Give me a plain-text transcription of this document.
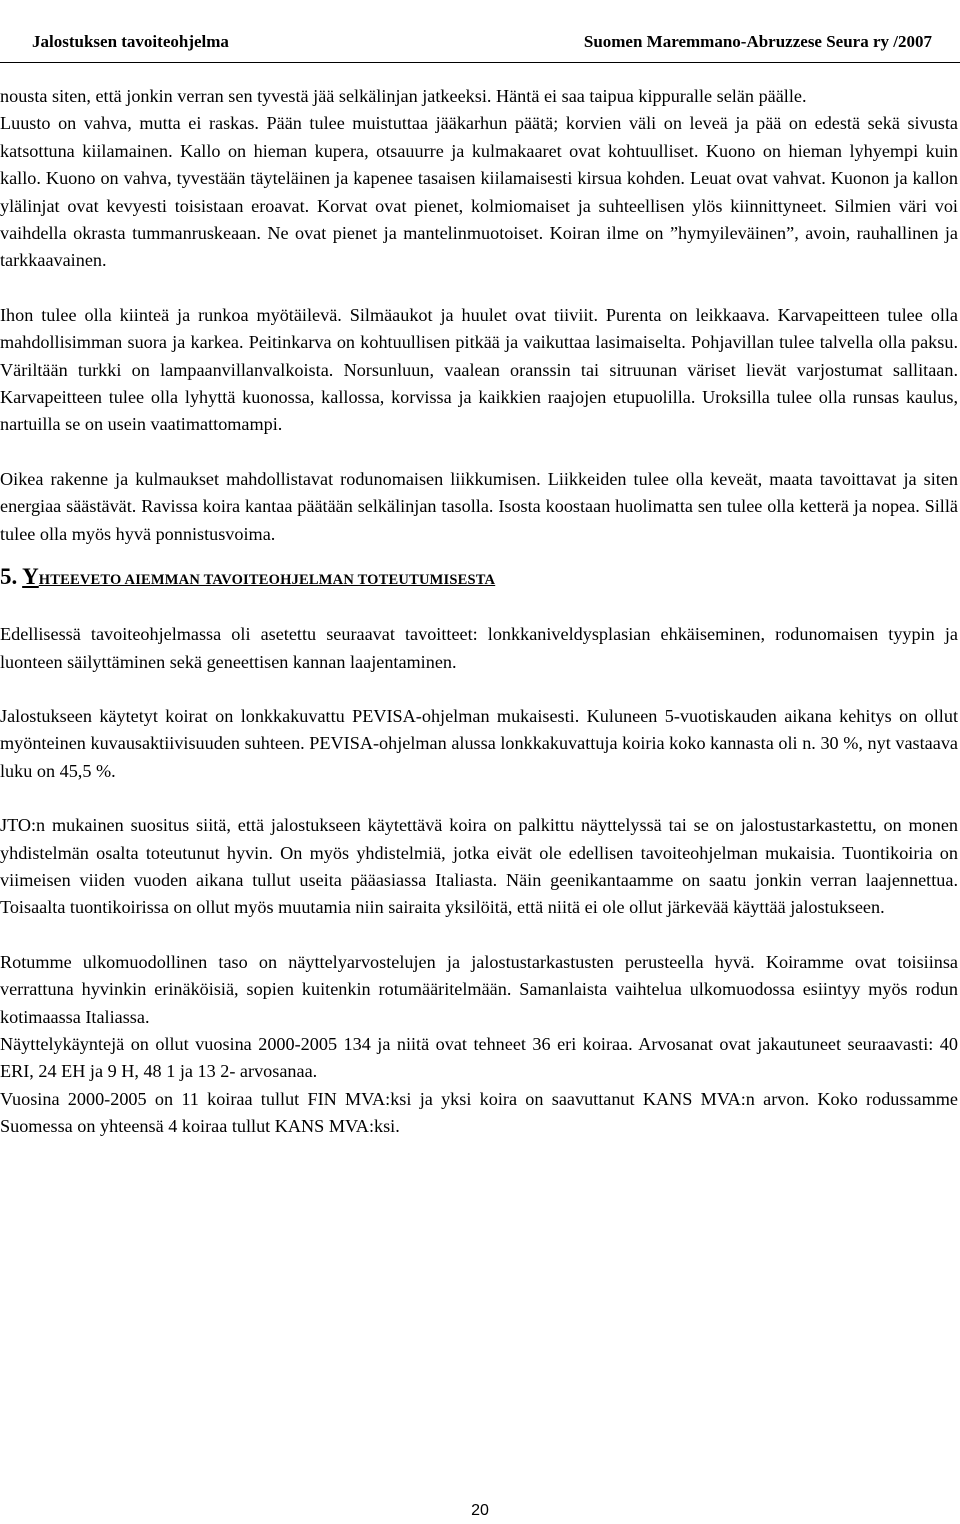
Jalostuksen tavoiteohjelma	Suomen Maremmano-Abruzzese Seura ry /2007

nousta siten, että jonkin verran sen tyvestä jää selkälinjan jatkeeksi. Häntä ei saa taipua kippuralle selän päälle.

Luusto on vahva, mutta ei raskas. Pään tulee muistuttaa jääkarhun päätä; korvien väli on leveä ja pää on edestä sekä sivusta katsottuna kiilamainen. Kallo on hieman kupera, otsauurre ja kulmakaaret ovat kohtuulliset. Kuono on hieman lyhyempi kuin kallo. Kuono on vahva, tyvestään täyteläinen ja kapenee tasaisen kiilamaisesti kirsua kohden. Leuat ovat vahvat. Kuonon ja kallon ylälinjat ovat kevyesti toisistaan eroavat. Korvat ovat pienet, kolmiomaiset ja suhteellisen ylös kiinnittyneet. Silmien väri voi vaihdella okrasta tummanruskeaan. Ne ovat pienet ja mantelinmuotoiset. Koiran ilme on ”hymyileväinen”, avoin, rauhallinen ja tarkkaavainen.

Ihon tulee olla kiinteä ja runkoa myötäilevä. Silmäaukot ja huulet ovat tiiviit. Purenta on leikkaava. Karvapeitteen tulee olla mahdollisimman suora ja karkea. Peitinkarva on kohtuullisen pitkää ja vaikuttaa lasimaiselta. Pohjavillan tulee talvella olla paksu. Väriltään turkki on lampaanvillanvalkoista. Norsunluun, vaalean oranssin tai sitruunan väriset lievät varjostumat sallitaan. Karvapeitteen tulee olla lyhyttä kuonossa, kallossa, korvissa ja kaikkien raajojen etupuolilla. Uroksilla tulee olla runsas kaulus, nartuilla se on usein vaatimattomampi.

Oikea rakenne ja kulmaukset mahdollistavat rodunomaisen liikkumisen. Liikkeiden tulee olla keveät, maata tavoittavat ja siten energiaa säästävät. Ravissa koira kantaa päätään selkälinjan tasolla. Isosta koostaan huolimatta sen tulee olla ketterä ja nopea. Sillä tulee olla myös hyvä ponnistusvoima.

5. YHTEEVETO AIEMMAN TAVOITEOHJELMAN TOTEUTUMISESTA

Edellisessä tavoiteohjelmassa oli asetettu seuraavat tavoitteet: lonkkaniveldysplasian ehkäiseminen, rodunomaisen tyypin ja luonteen säilyttäminen sekä geneettisen kannan laajentaminen.

Jalostukseen käytetyt koirat on lonkkakuvattu PEVISA-ohjelman mukaisesti. Kuluneen 5-vuotiskauden aikana kehitys on ollut myönteinen kuvausaktiivisuuden suhteen. PEVISA-ohjelman alussa lonkkakuvattuja koiria koko kannasta oli n. 30 %, nyt vastaava luku on 45,5 %.

JTO:n mukainen suositus siitä, että jalostukseen käytettävä koira on palkittu näyttelyssä tai se on jalostustarkastettu, on monen yhdistelmän osalta toteutunut hyvin. On myös yhdistelmiä, jotka eivät ole edellisen tavoiteohjelman mukaisia. Tuontikoiria on viimeisen viiden vuoden aikana tullut useita pääasiassa Italiasta. Näin geenikantaamme on saatu jonkin verran laajennettua. Toisaalta tuontikoirissa on ollut myös muutamia niin sairaita yksilöitä, että niitä ei ole ollut järkevää käyttää jalostukseen.

Rotumme ulkomuodollinen taso on näyttelyarvostelujen ja jalostustarkastusten perusteella hyvä. Koiramme ovat toisiinsa verrattuna hyvinkin erinäköisiä, sopien kuitenkin rotumääritelmään. Samanlaista vaihtelua ulkomuodossa esiintyy myös rodun kotimaassa Italiassa.

Näyttelykäyntejä on ollut vuosina 2000-2005 134 ja niitä ovat tehneet 36 eri koiraa. Arvosanat ovat jakautuneet seuraavasti: 40 ERI, 24 EH ja 9 H, 48 1 ja 13 2- arvosanaa.

Vuosina 2000-2005 on 11 koiraa tullut FIN MVA:ksi ja yksi koira on saavuttanut KANS MVA:n arvon. Koko rodussamme Suomessa on yhteensä 4 koiraa tullut KANS MVA:ksi.

20
